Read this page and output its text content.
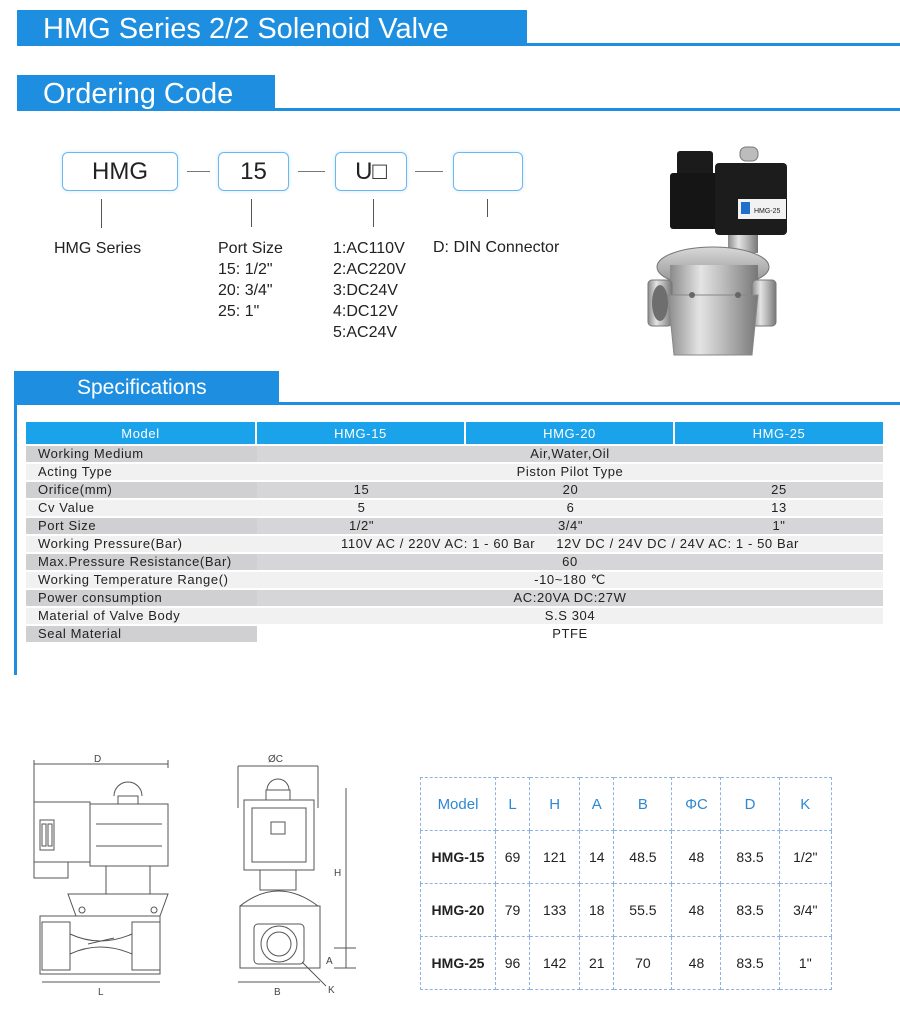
HMG Series 2/2 Solenoid Valve
Ordering Code
HMG	15	U□
HMG Series	Port Size
15: 1/2"
20: 3/4"
25: 1"
1:AC110V
2:AC220V
3:DC24V
4:DC12V
5:AC24V
D: DIN Connector
HMG-25
Specifications
Model	HMG-15	HMG-20	HMG-25
Working Medium	Air,Water,Oil		
Acting Type	Piston Pilot Type		
Orifice(mm)	15	20	25
Cv Value	5	6	13
Port Size	1/2"	3/4"	1"
Working Pressure(Bar)	110V AC / 220V AC: 1 - 60 Bar     12V DC / 24V DC / 24V AC: 1 - 50 Bar		
Max.Pressure Resistance(Bar)	60		
Working Temperature Range()	-10~180 ℃		
Power consumption	AC:20VA DC:27W		
Material of Valve Body	S.S 304		
Seal Material	PTFE		
D
L
ØC
B
H
A
K
Model	L	H	A	B	ΦC	D	K
HMG-15	69	121	14	48.5	48	83.5	1/2"
HMG-20	79	133	18	55.5	48	83.5	3/4"
HMG-25	96	142	21	70	48	83.5	1"
